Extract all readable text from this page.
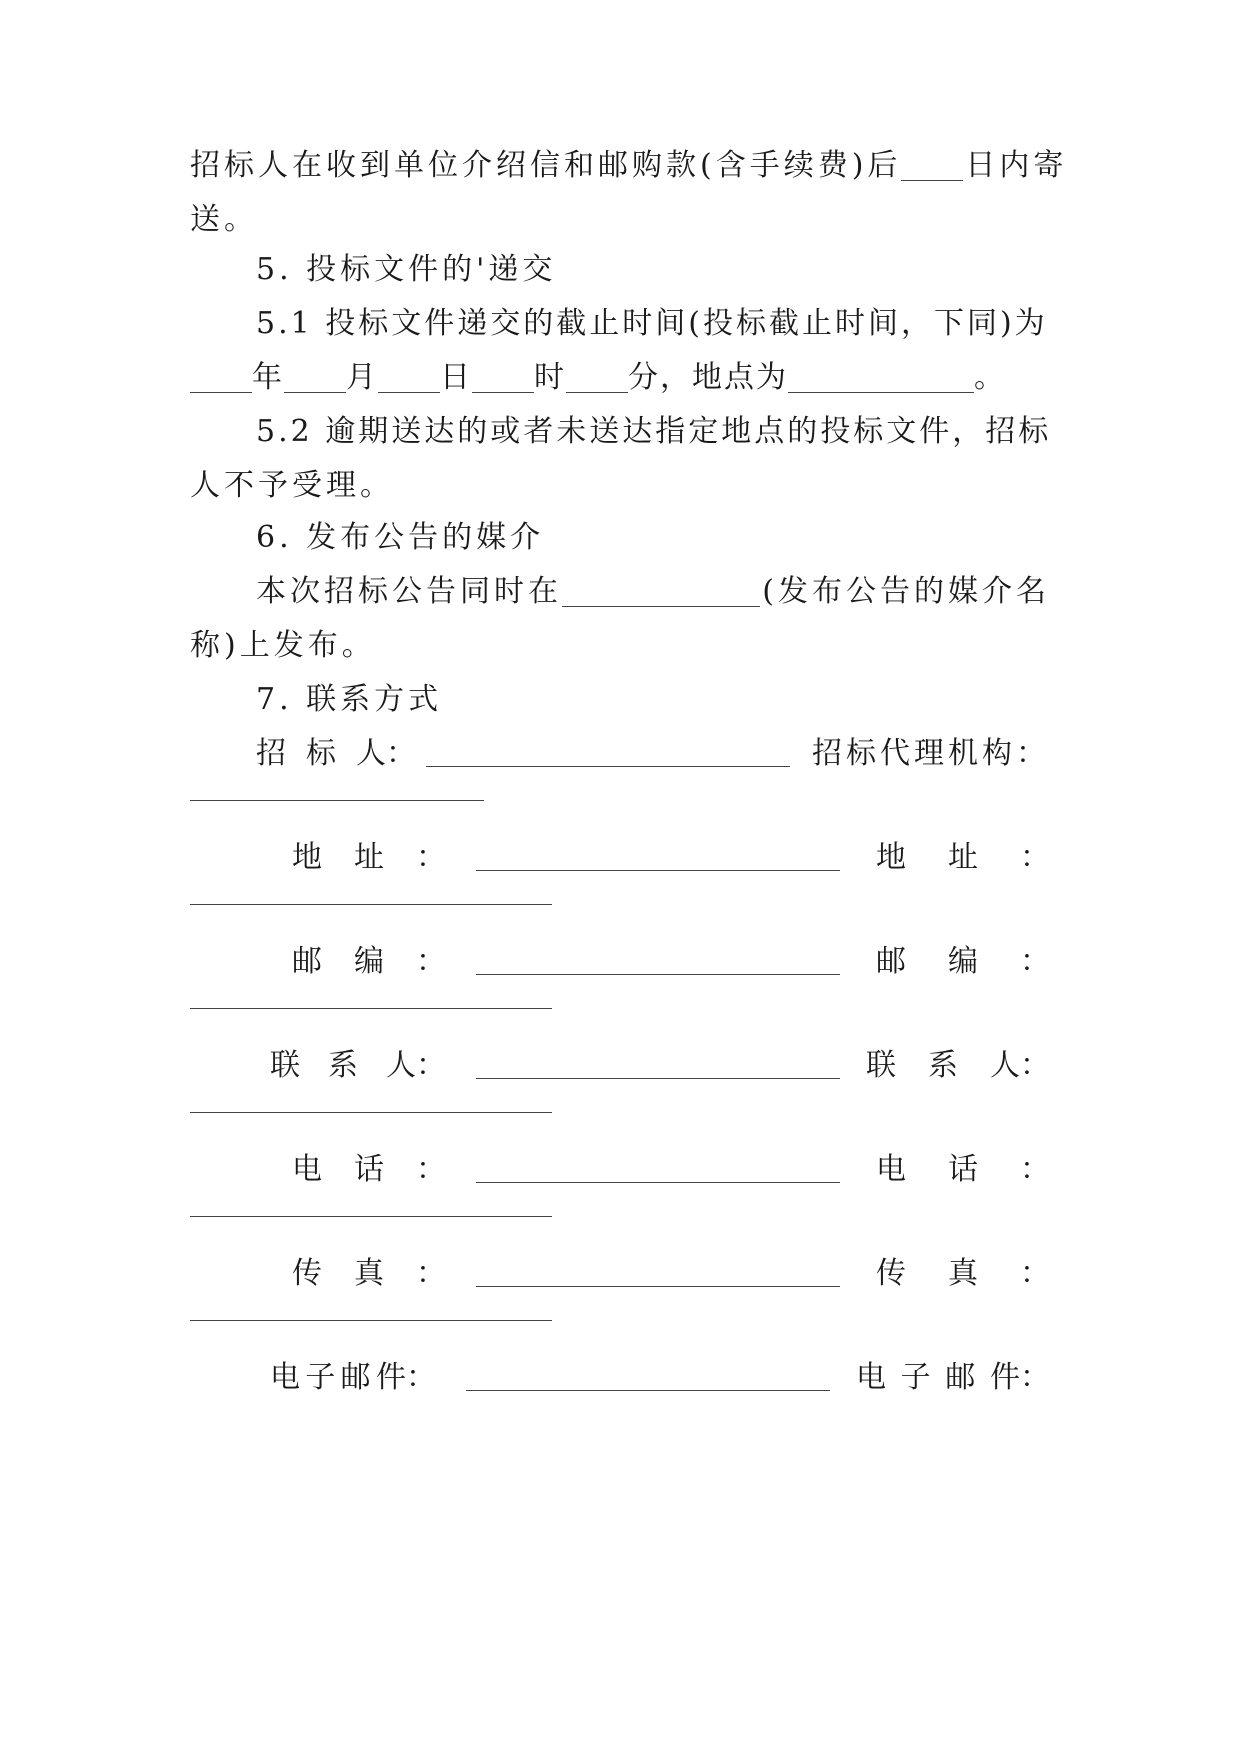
招标人在收到单位介绍信和邮购款(含手续费)后 日内寄
送。
5. 投标文件的'递交
5.1 投标文件递交的截止时间(投标截止时间，下同)为
年 月 日 时 分，地点为	。
5.2 逾期送达的或者未送达指定地点的投标文件，招标
人不予受理。
6. 发布公告的媒介
本次招标公告同时在	(发布公告的媒介名
称)上发布。
7. 联系方式
招 标 人：	招标代理机构：
地 址 ：	地 址 ：
邮 编 ：	邮 编 ：
联 系 人：	联 系 人：
电 话 ：	电 话 ：
传 真 ：	传 真 ：
电 子 邮 件：	电 子 邮 件：
